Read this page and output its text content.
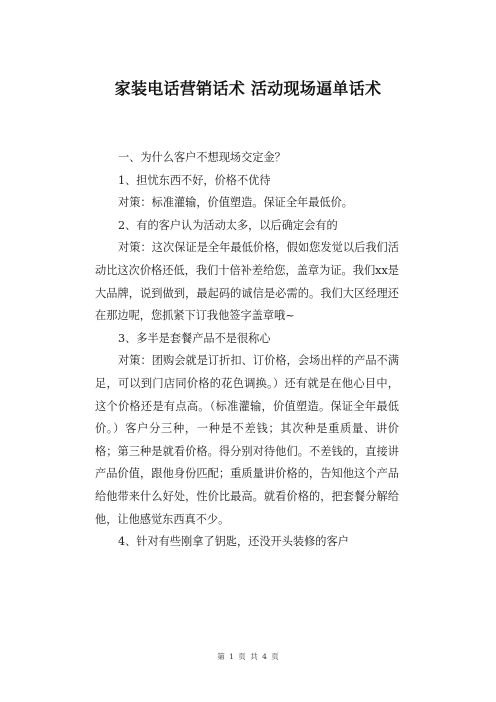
家装电话营销话术 活动现场逼单话术

一、为什么客户不想现场交定金？

1、担忧东西不好，价格不优待

对策：标准灌输，价值塑造。保证全年最低价。

2、有的客户认为活动太多，以后确定会有的

对策：这次保证是全年最低价格，假如您发觉以后我们活动比这次价格还低，我们十倍补差给您，盖章为证。我们xx是大品牌，说到做到，最起码的诚信是必需的。我们大区经理还在那边呢，您抓紧下订我他签字盖章哦~

3、多半是套餐产品不是很称心

对策：团购会就是订折扣、订价格，会场出样的产品不满足，可以到门店同价格的花色调换。）还有就是在他心目中，这个价格还是有点高。（标准灌输，价值塑造。保证全年最低价。）客户分三种，一种是不差钱；其次种是重质量、讲价格；第三种是就看价格。得分别对待他们。不差钱的，直接讲产品价值，跟他身份匹配；重质量讲价格的，告知他这个产品给他带来什么好处，性价比最高。就看价格的，把套餐分解给他，让他感觉东西真不少。

4、针对有些刚拿了钥匙，还没开头装修的客户

第 1 页 共 4 页
